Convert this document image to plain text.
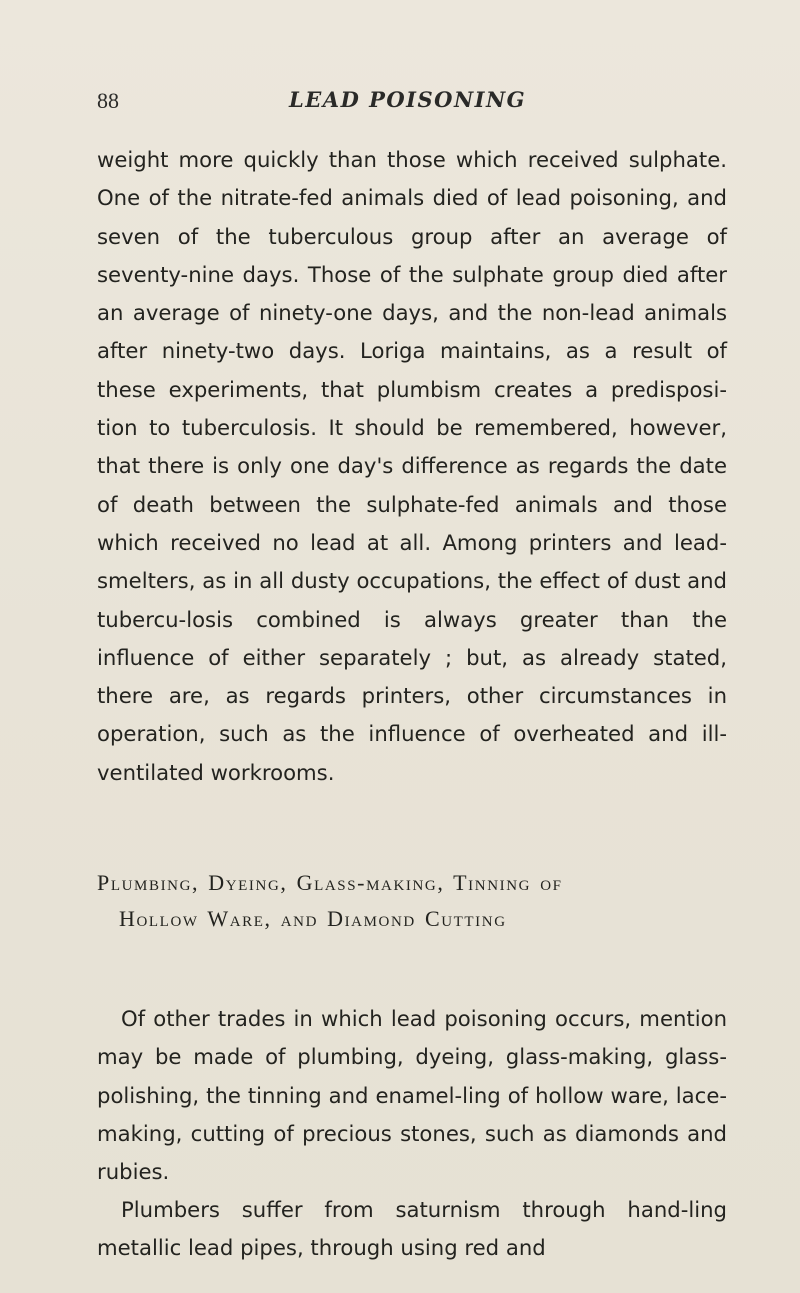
88	LEAD POISONING

weight more quickly than those which received sulphate. One of the nitrate-fed animals died of lead poisoning, and seven of the tuberculous group after an average of seventy-nine days. Those of the sulphate group died after an average of ninety-one days, and the non-lead animals after ninety-two days. Loriga maintains, as a result of these experiments, that plumbism creates a predisposi-tion to tuberculosis. It should be remembered, however, that there is only one day's difference as regards the date of death between the sulphate-fed animals and those which received no lead at all. Among printers and lead-smelters, as in all dusty occupations, the effect of dust and tubercu-losis combined is always greater than the influence of either separately ; but, as already stated, there are, as regards printers, other circumstances in operation, such as the influence of overheated and ill-ventilated workrooms.

Plumbing, Dyeing, Glass-making, Tinning of
Hollow Ware, and Diamond Cutting

Of other trades in which lead poisoning occurs, mention may be made of plumbing, dyeing, glass-making, glass-polishing, the tinning and enamel-ling of hollow ware, lace-making, cutting of precious stones, such as diamonds and rubies.

Plumbers suffer from saturnism through hand-ling metallic lead pipes, through using red and
